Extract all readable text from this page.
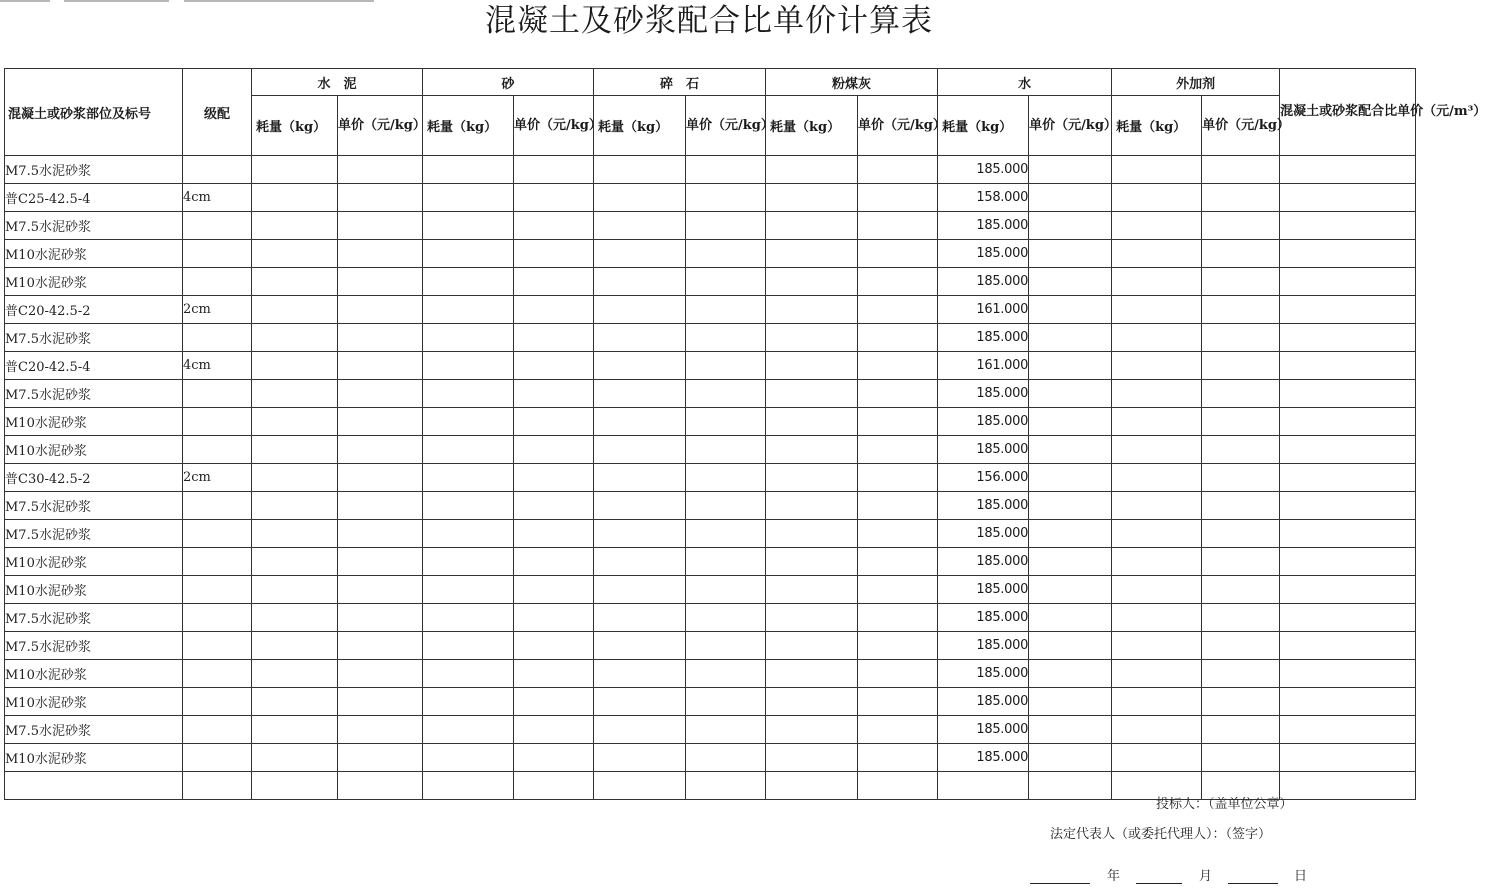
混凝土及砂浆配合比单价计算表
混凝土或砂浆部位及标号	级配	水　泥		砂		碎　石		粉煤灰		水		外加剂		混凝土或砂浆配合比单价（元/m³）
		耗量（kg）	单价（元/kg）	耗量（kg）	单价（元/kg）	耗量（kg）	单价（元/kg）	耗量（kg）	单价（元/kg）	耗量（kg）	单价（元/kg）	耗量（kg）	单价（元/kg）	
M7.5水泥砂浆										185.000				
普C25-42.5-4	4cm									158.000				
M7.5水泥砂浆										185.000				
M10水泥砂浆										185.000				
M10水泥砂浆										185.000				
普C20-42.5-2	2cm									161.000				
M7.5水泥砂浆										185.000				
普C20-42.5-4	4cm									161.000				
M7.5水泥砂浆										185.000				
M10水泥砂浆										185.000				
M10水泥砂浆										185.000				
普C30-42.5-2	2cm									156.000				
M7.5水泥砂浆										185.000				
M7.5水泥砂浆										185.000				
M10水泥砂浆										185.000				
M10水泥砂浆										185.000				
M7.5水泥砂浆										185.000				
M7.5水泥砂浆										185.000				
M10水泥砂浆										185.000				
M10水泥砂浆										185.000				
M7.5水泥砂浆										185.000				
M10水泥砂浆										185.000				

投标人：（盖单位公章）
法定代表人（或委托代理人）：（签字）
年	月	日
